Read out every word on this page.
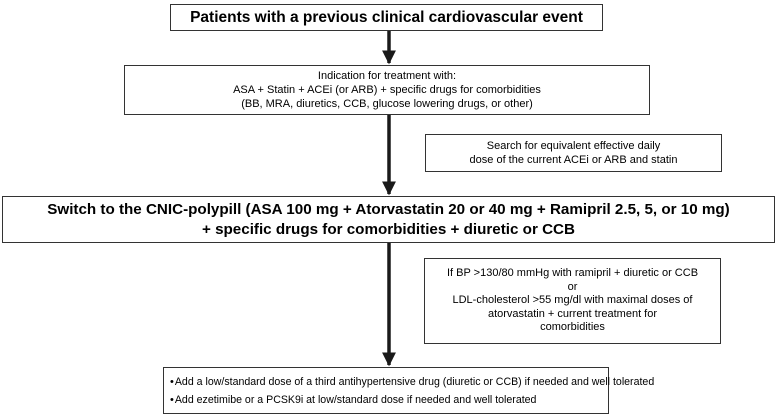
Patients with a previous clinical cardiovascular event
Indication for treatment with:
ASA + Statin + ACEi (or ARB) + specific drugs for comorbidities
(BB, MRA, diuretics, CCB, glucose lowering drugs, or other)
Search for equivalent effective daily
dose of the current ACEi or ARB and statin
Switch to the CNIC-polypill (ASA 100 mg + Atorvastatin 20 or 40 mg + Ramipril 2.5, 5, or 10 mg)
+ specific drugs for comorbidities + diuretic or CCB
If BP >130/80 mmHg with ramipril + diuretic or CCB
or
LDL-cholesterol >55 mg/dl with maximal doses of
atorvastatin + current treatment for
comorbidities
• Add a low/standard dose of a third antihypertensive drug (diuretic or CCB) if needed and well tolerated
• Add ezetimibe or a PCSK9i at low/standard dose if needed and well tolerated
